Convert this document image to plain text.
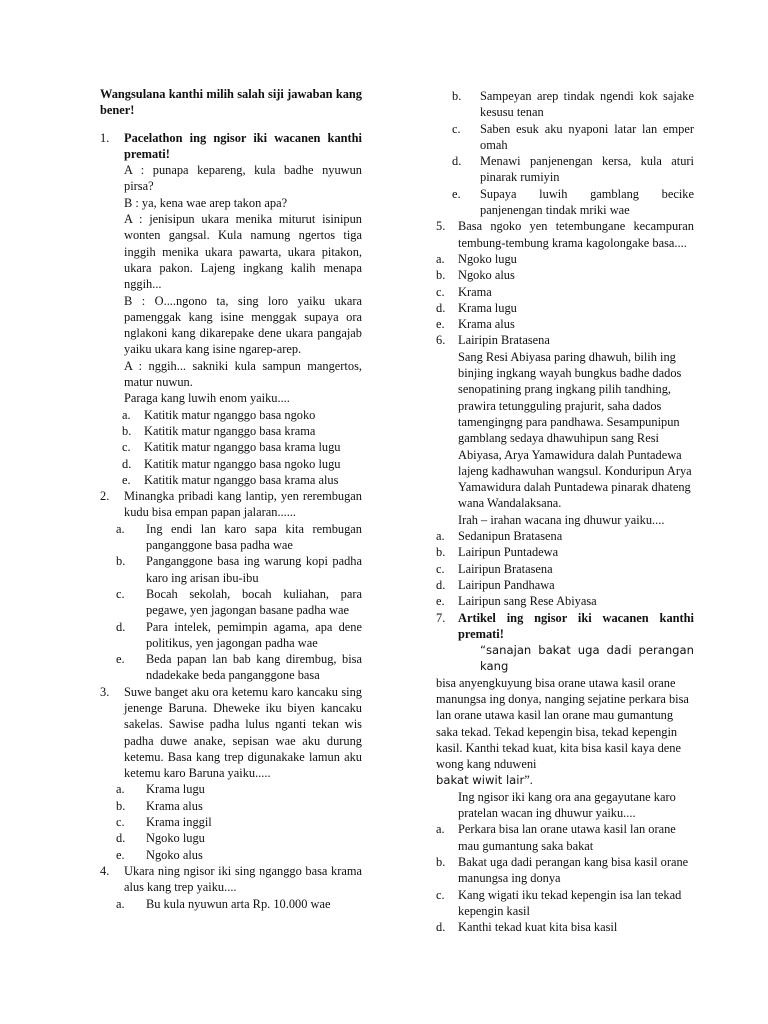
Wangsulana kanthi milih salah siji jawaban kang bener!
1.	Pacelathon ing ngisor iki wacanen kanthi premati!

A : punapa kepareng, kula badhe nyuwun pirsa?

B : ya, kena wae arep takon apa?

A : jenisipun ukara menika miturut isinipun wonten gangsal. Kula namung ngertos tiga inggih menika ukara pawarta, ukara pitakon, ukara pakon. Lajeng ingkang kalih menapa nggih...

B : O....ngono ta, sing loro yaiku ukara pamenggak kang isine menggak supaya ora nglakoni kang dikarepake dene ukara pangajab yaiku ukara kang isine ngarep-arep.

A : nggih... sakniki kula sampun mangertos, matur nuwun.

Paraga kang luwih enom yaiku....

a.	Katitik matur nganggo basa ngoko
b.	Katitik matur nganggo basa krama
c.	Katitik matur nganggo basa krama lugu
d.	Katitik matur nganggo basa ngoko lugu
e.	Katitik matur nganggo basa krama alus
2.	Minangka pribadi kang lantip, yen rerembugan kudu bisa empan papan jalaran......

a.	Ing endi lan karo sapa kita rembugan panganggone basa padha wae
b.	Panganggone basa ing warung kopi padha karo ing arisan ibu-ibu
c.	Bocah sekolah, bocah kuliahan, para pegawe, yen jagongan basane padha wae
d.	Para intelek, pemimpin agama, apa dene politikus, yen jagongan padha wae
e.	Beda papan lan bab kang dirembug, bisa ndadekake beda panganggone basa
3.	Suwe banget aku ora ketemu karo kancaku sing jenenge Baruna. Dheweke iku biyen kancaku sakelas. Sawise padha lulus nganti tekan wis padha duwe anake, sepisan wae aku durung ketemu. Basa kang trep digunakake lamun aku ketemu karo Baruna yaiku.....

a.	Krama lugu
b.	Krama alus
c.	Krama inggil
d.	Ngoko lugu
e.	Ngoko alus
4.	Ukara ning ngisor iki sing nganggo basa krama alus kang trep yaiku....

a.	Bu kula nyuwun arta Rp. 10.000 wae
b.	Sampeyan arep tindak ngendi kok sajake kesusu tenan
c.	Saben esuk aku nyaponi latar lan emper omah
d.	Menawi panjenengan kersa, kula aturi pinarak rumiyin
e.	Supaya luwih gamblang becike panjenengan tindak mriki wae
5.	Basa ngoko yen tetembungane kecampuran tembung-tembung krama kagolongake basa....

a.	Ngoko lugu
b.	Ngoko alus
c.	Krama
d.	Krama lugu
e.	Krama alus
6.	Lairipin Bratasena

Sang Resi Abiyasa paring dhawuh, bilih ing binjing ingkang wayah bungkus badhe dados senopatining prang ingkang pilih tandhing, prawira tetungguling prajurit, saha dados tamengingng para pandhawa. Sesampunipun gamblang sedaya dhawuhipun sang Resi Abiyasa, Arya Yamawidura dalah Puntadewa lajeng kadhawuhan wangsul. Konduripun Arya Yamawidura dalah Puntadewa pinarak dhateng wana Wandalaksana.

Irah – irahan wacana ing dhuwur yaiku....

a.	Sedanipun Bratasena
b.	Lairipun Puntadewa
c.	Lairipun Bratasena
d.	Lairipun Pandhawa
e.	Lairipun sang Rese Abiyasa
7.	Artikel ing ngisor iki wacanen kanthi premati!

“sanajan bakat uga dadi perangan kang

bisa anyengkuyung bisa orane utawa kasil orane manungsa ing donya, nanging sejatine perkara bisa lan orane utawa kasil lan orane mau gumantung saka tekad. Tekad kepengin bisa, tekad kepengin kasil. Kanthi tekad kuat, kita bisa kasil kaya dene wong kang nduweni

bakat wiwit lair”.

Ing ngisor iki kang ora ana gegayutane karo pratelan wacan ing dhuwur yaiku....

a.	Perkara bisa lan orane utawa kasil lan orane mau gumantung saka bakat
b.	Bakat uga dadi perangan kang bisa kasil orane manungsa ing donya
c.	Kang wigati iku tekad kepengin isa lan tekad kepengin kasil
d.	Kanthi tekad kuat kita bisa kasil
